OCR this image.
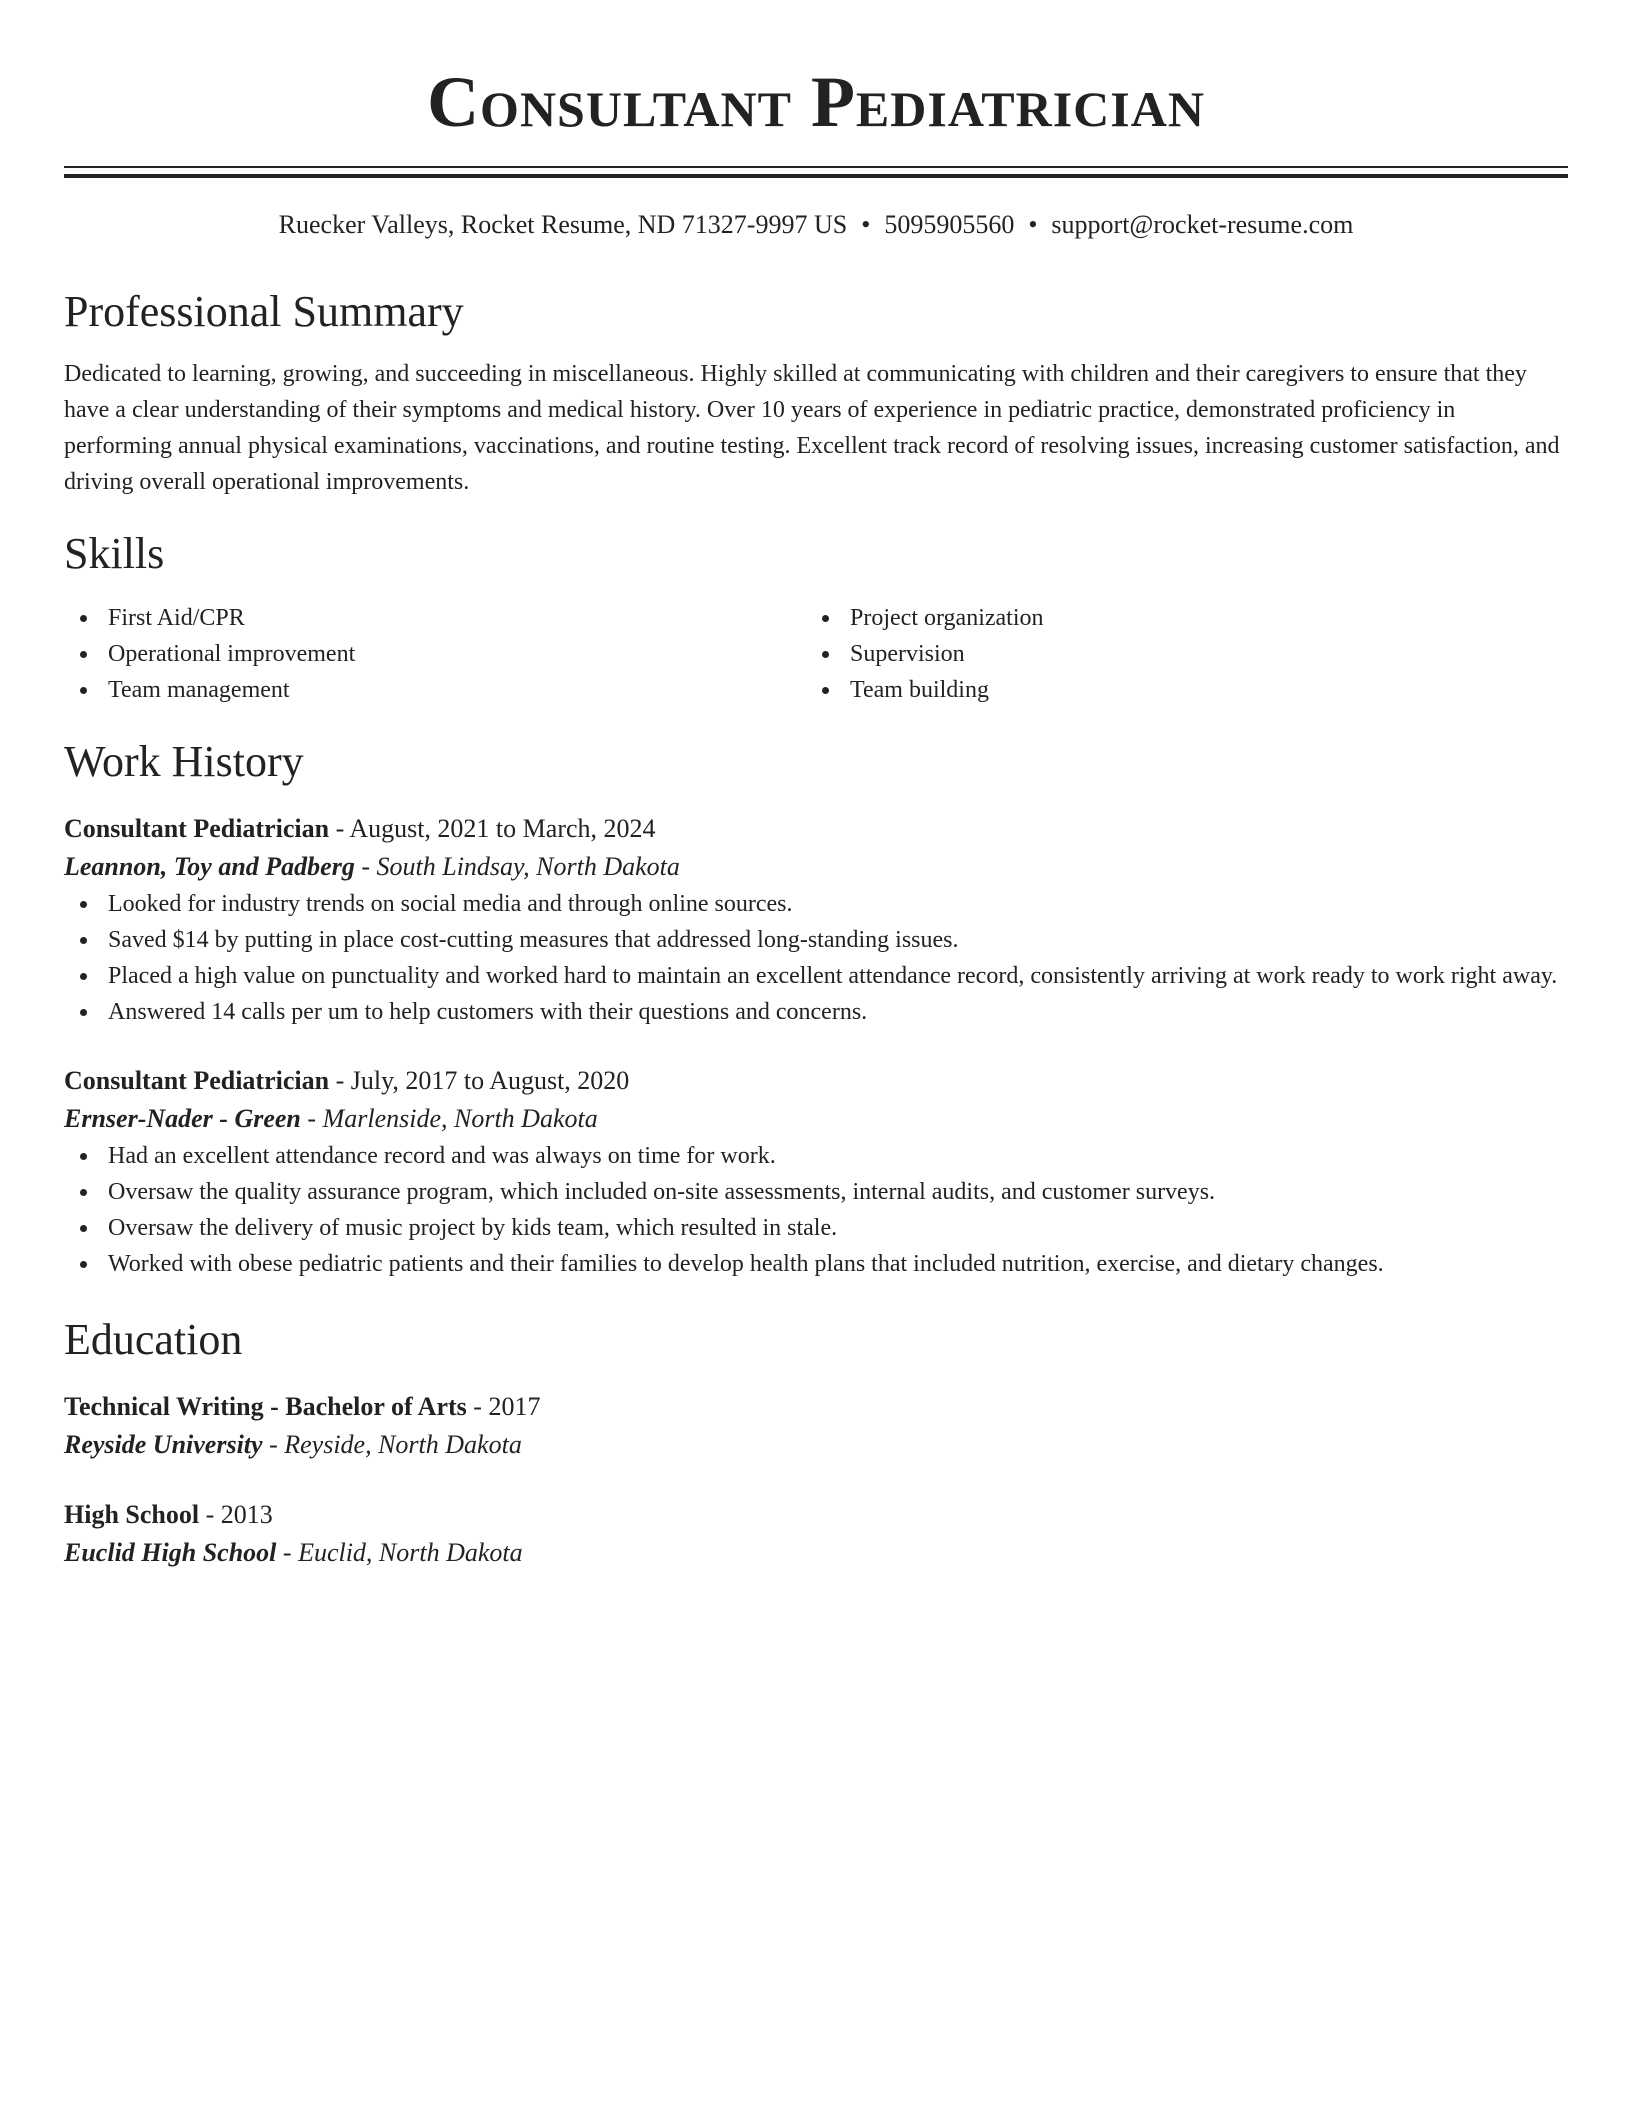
Consultant Pediatrician
Ruecker Valleys, Rocket Resume, ND 71327-9997 US • 5095905560 • support@rocket-resume.com
Professional Summary
Dedicated to learning, growing, and succeeding in miscellaneous. Highly skilled at communicating with children and their caregivers to ensure that they have a clear understanding of their symptoms and medical history. Over 10 years of experience in pediatric practice, demonstrated proficiency in performing annual physical examinations, vaccinations, and routine testing. Excellent track record of resolving issues, increasing customer satisfaction, and driving overall operational improvements.
Skills
First Aid/CPR
Operational improvement
Team management
Project organization
Supervision
Team building
Work History
Consultant Pediatrician - August, 2021 to March, 2024
Leannon, Toy and Padberg - South Lindsay, North Dakota
Looked for industry trends on social media and through online sources.
Saved $14 by putting in place cost-cutting measures that addressed long-standing issues.
Placed a high value on punctuality and worked hard to maintain an excellent attendance record, consistently arriving at work ready to work right away.
Answered 14 calls per um to help customers with their questions and concerns.
Consultant Pediatrician - July, 2017 to August, 2020
Ernser-Nader - Green - Marlenside, North Dakota
Had an excellent attendance record and was always on time for work.
Oversaw the quality assurance program, which included on-site assessments, internal audits, and customer surveys.
Oversaw the delivery of music project by kids team, which resulted in stale.
Worked with obese pediatric patients and their families to develop health plans that included nutrition, exercise, and dietary changes.
Education
Technical Writing - Bachelor of Arts - 2017
Reyside University - Reyside, North Dakota
High School - 2013
Euclid High School - Euclid, North Dakota
